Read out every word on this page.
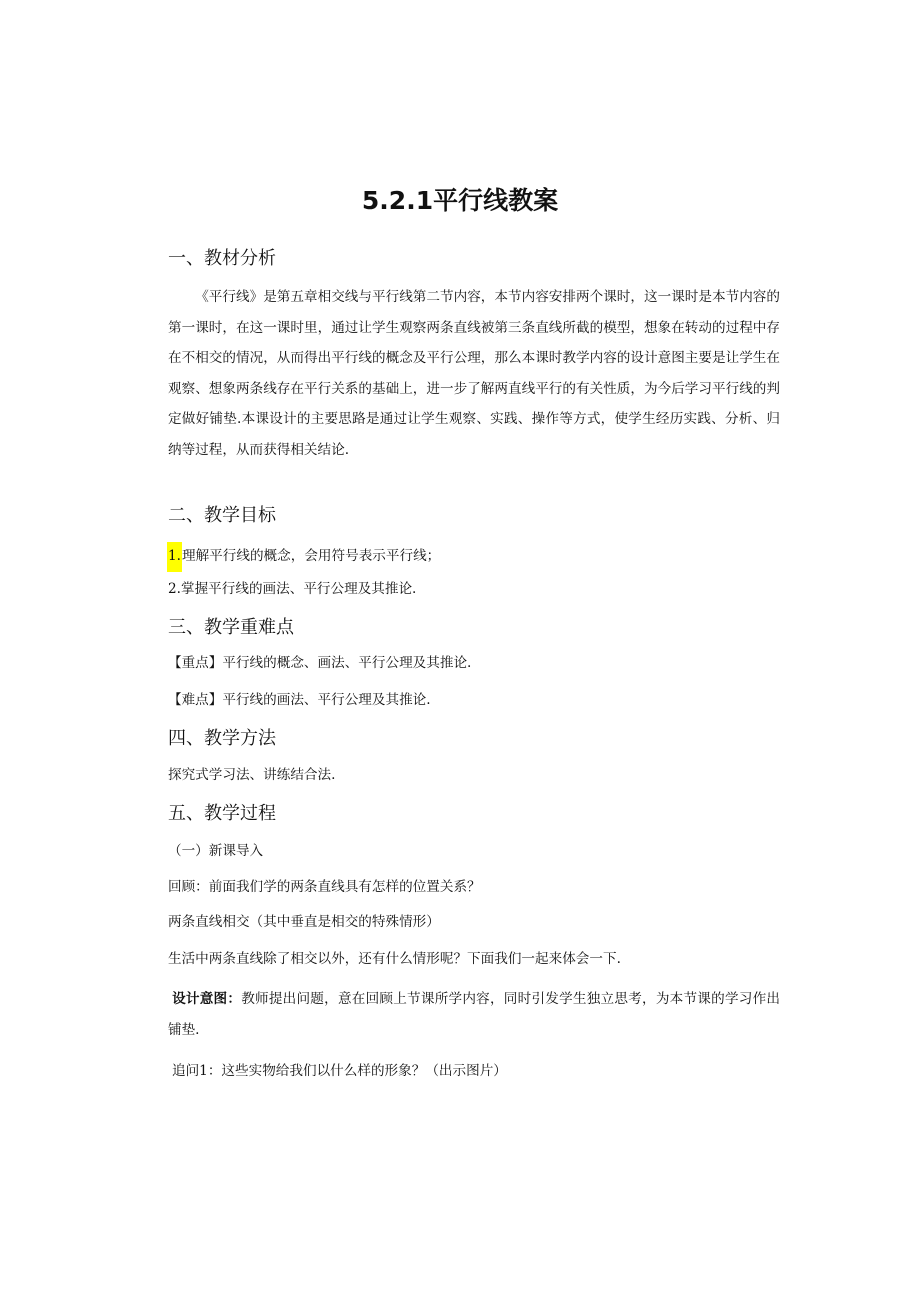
5.2.1平行线教案
一、教材分析
《平行线》是第五章相交线与平行线第二节内容，本节内容安排两个课时，这一课时是本节内容的第一课时，在这一课时里，通过让学生观察两条直线被第三条直线所截的模型，想象在转动的过程中存在不相交的情况，从而得出平行线的概念及平行公理，那么本课时教学内容的设计意图主要是让学生在观察、想象两条线存在平行关系的基础上，进一步了解两直线平行的有关性质，为今后学习平行线的判定做好铺垫.本课设计的主要思路是通过让学生观察、实践、操作等方式，使学生经历实践、分析、归纳等过程，从而获得相关结论.
二、教学目标
1.理解平行线的概念，会用符号表示平行线；
2.掌握平行线的画法、平行公理及其推论.
三、教学重难点
【重点】平行线的概念、画法、平行公理及其推论.
【难点】平行线的画法、平行公理及其推论.
四、教学方法
探究式学习法、讲练结合法.
五、教学过程
（一）新课导入
回顾：前面我们学的两条直线具有怎样的位置关系？
两条直线相交（其中垂直是相交的特殊情形）
生活中两条直线除了相交以外，还有什么情形呢？下面我们一起来体会一下.
设计意图：教师提出问题，意在回顾上节课所学内容，同时引发学生独立思考，为本节课的学习作出铺垫.
追问1：这些实物给我们以什么样的形象？（出示图片）
